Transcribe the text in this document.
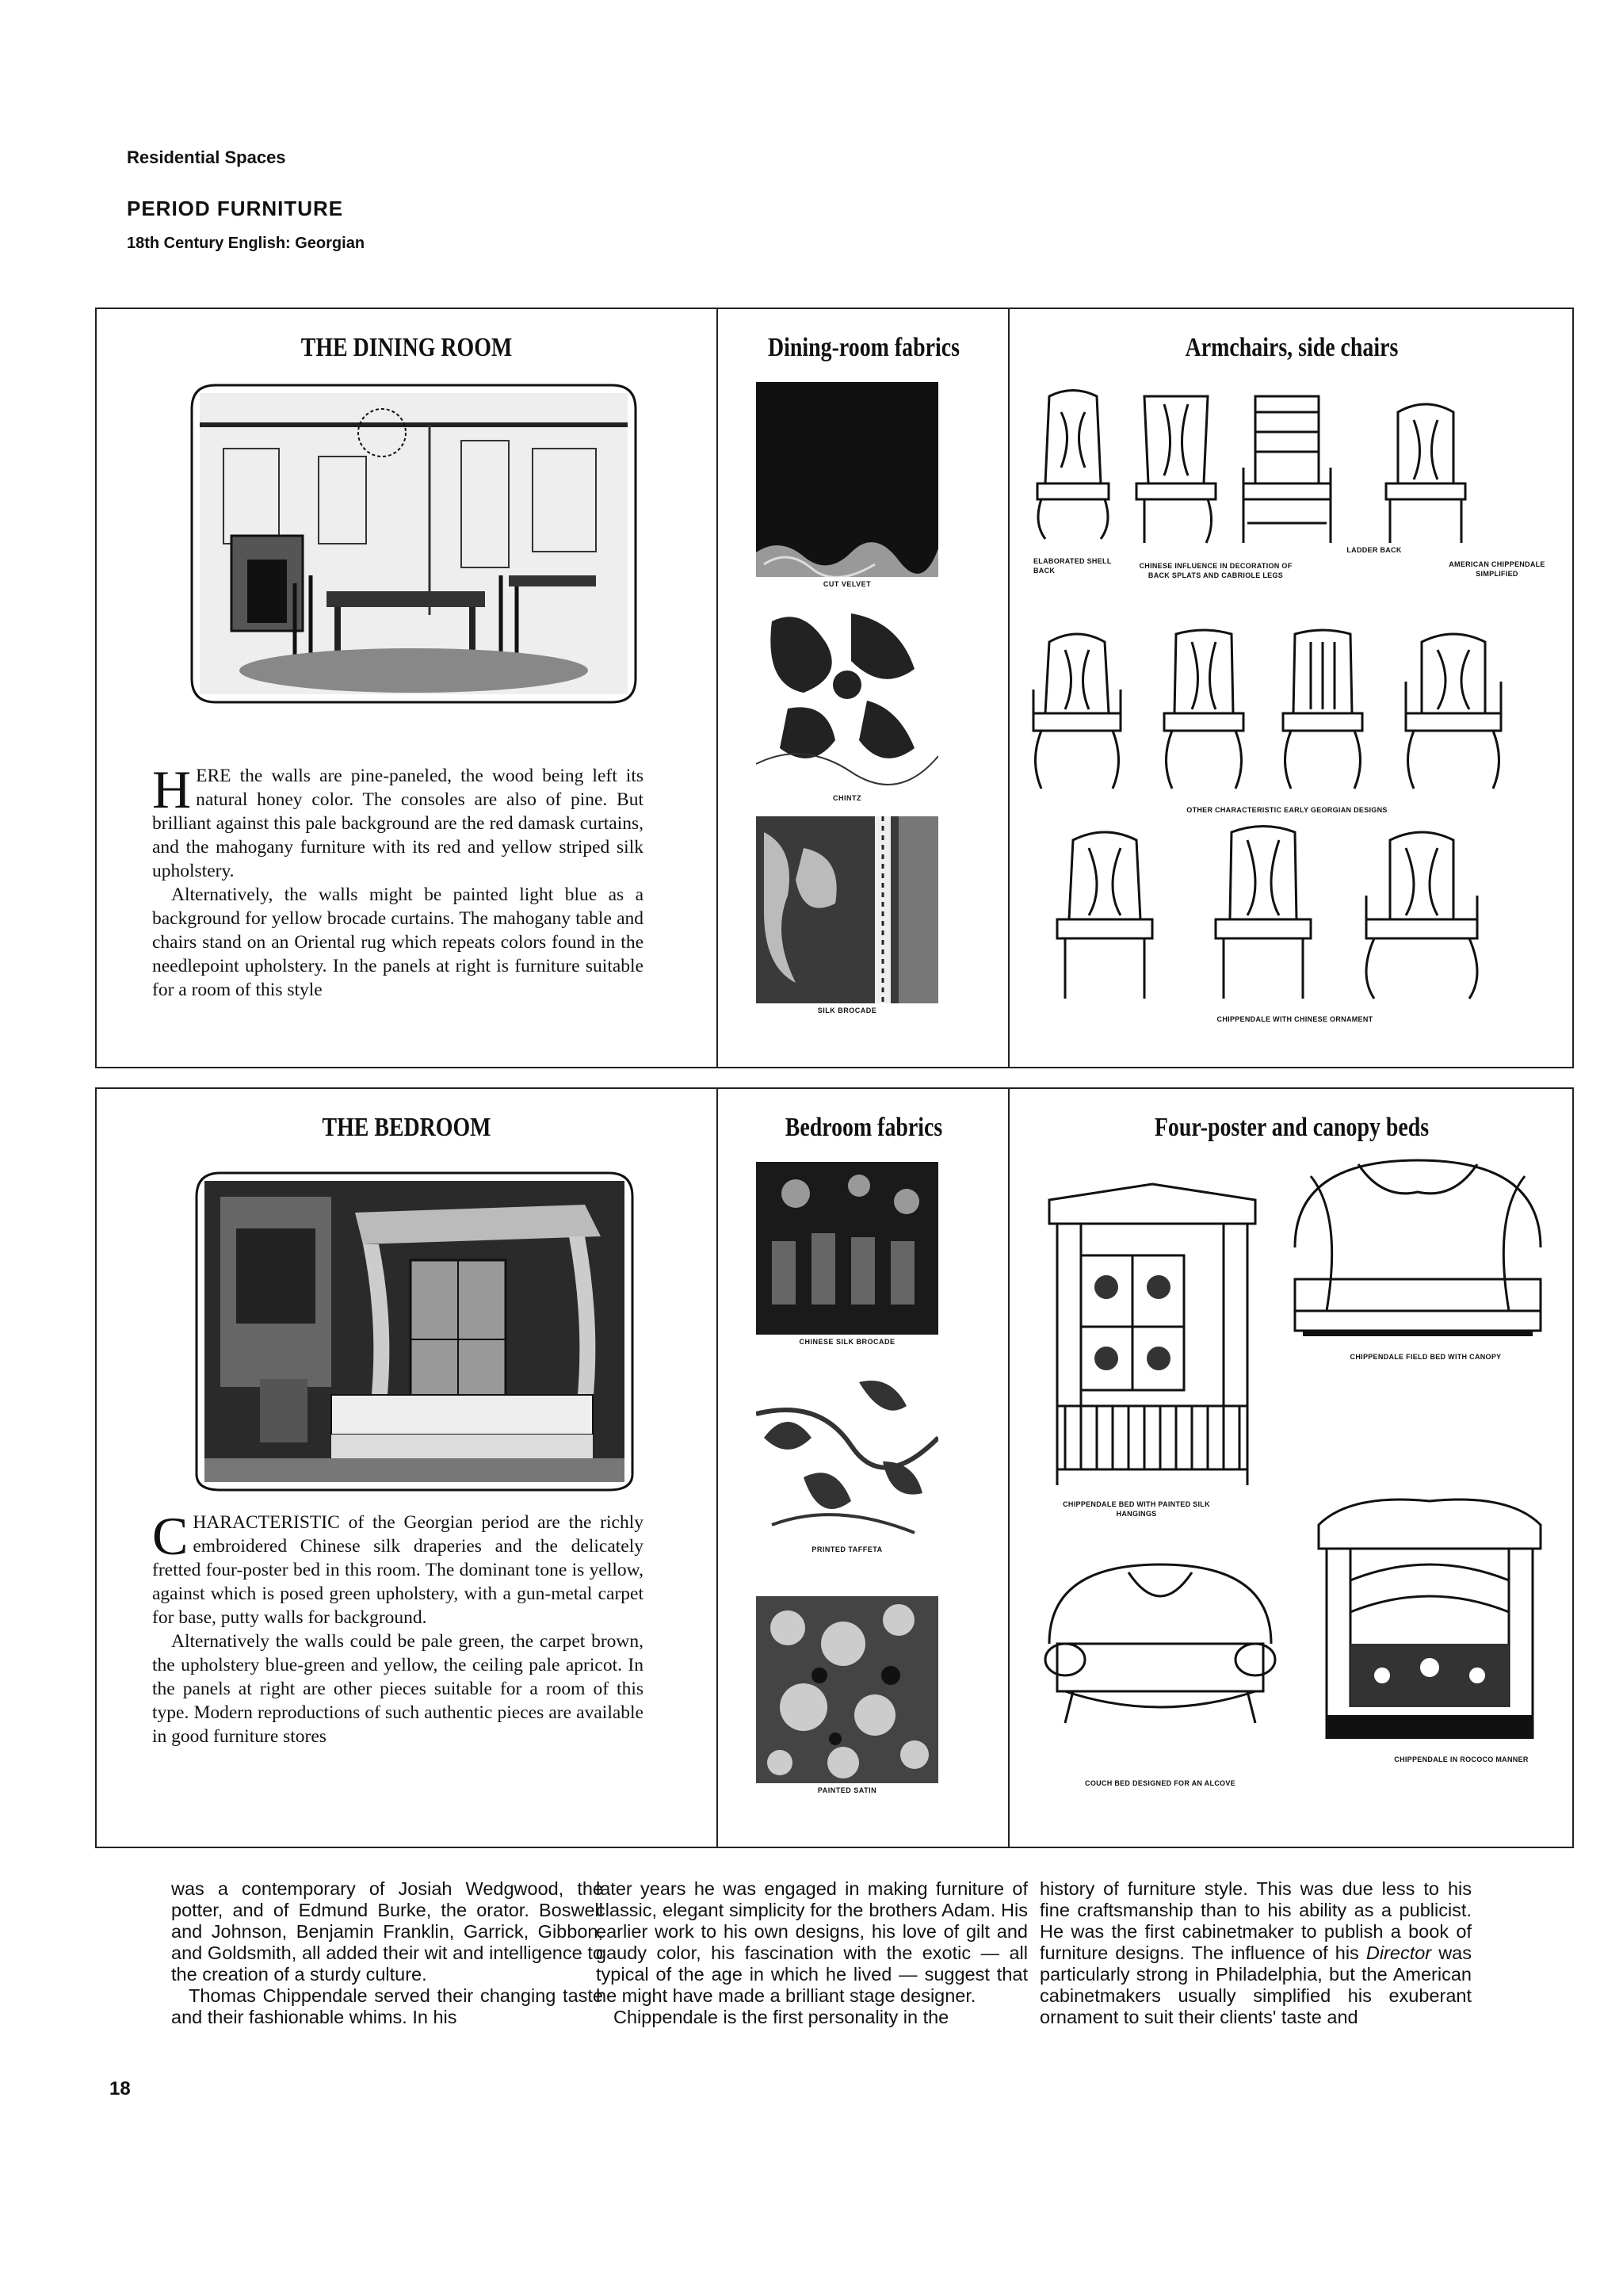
Residential Spaces
PERIOD FURNITURE
18th Century English: Georgian
THE DINING ROOM

HERE the walls are pine-paneled, the wood being left its natural honey color. The consoles are also of pine. But brilliant against this pale background are the red damask curtains, and the mahogany furniture with its red and yellow striped silk upholstery.

Alternatively, the walls might be painted light blue as a background for yellow brocade curtains. The mahogany table and chairs stand on an Oriental rug which repeats colors found in the needlepoint upholstery. In the panels at right is furniture suitable for a room of this style

Dining-room fabrics
CUT VELVET
CHINTZ
SILK BROCADE
Armchairs, side chairs
ELABORATED SHELL BACK
CHINESE INFLUENCE IN DECORATION OF BACK SPLATS AND CABRIOLE LEGS
LADDER BACK
AMERICAN CHIPPENDALE SIMPLIFIED
OTHER CHARACTERISTIC EARLY GEORGIAN DESIGNS
CHIPPENDALE WITH CHINESE ORNAMENT
THE BEDROOM

CHARACTERISTIC of the Georgian period are the richly embroidered Chinese silk draperies and the delicately fretted four-poster bed in this room. The dominant tone is yellow, against which is posed green upholstery, with a gun-metal carpet for base, putty walls for background.

Alternatively the walls could be pale green, the carpet brown, the upholstery blue-green and yellow, the ceiling pale apricot. In the panels at right are other pieces suitable for a room of this type. Modern reproductions of such authentic pieces are available in good furniture stores

Bedroom fabrics
CHINESE SILK BROCADE
PRINTED TAFFETA
PAINTED SATIN
Four-poster and canopy beds
CHIPPENDALE FIELD BED WITH CANOPY
CHIPPENDALE BED WITH PAINTED SILK HANGINGS
COUCH BED DESIGNED FOR AN ALCOVE
CHIPPENDALE IN ROCOCO MANNER

was a contemporary of Josiah Wedgwood, the potter, and of Edmund Burke, the orator. Boswell and Johnson, Benjamin Franklin, Garrick, Gibbon, and Goldsmith, all added their wit and intelligence to the creation of a sturdy culture.

Thomas Chippendale served their changing taste and their fashionable whims. In his

later years he was engaged in making furniture of classic, elegant simplicity for the brothers Adam. His earlier work to his own designs, his love of gilt and gaudy color, his fascination with the exotic — all typical of the age in which he lived — suggest that he might have made a brilliant stage designer.

Chippendale is the first personality in the

history of furniture style. This was due less to his fine craftsmanship than to his ability as a publicist. He was the first cabinetmaker to publish a book of furniture designs. The influence of his Director was particularly strong in Philadelphia, but the American cabinetmakers usually simplified his exuberant ornament to suit their clients' taste and

18
